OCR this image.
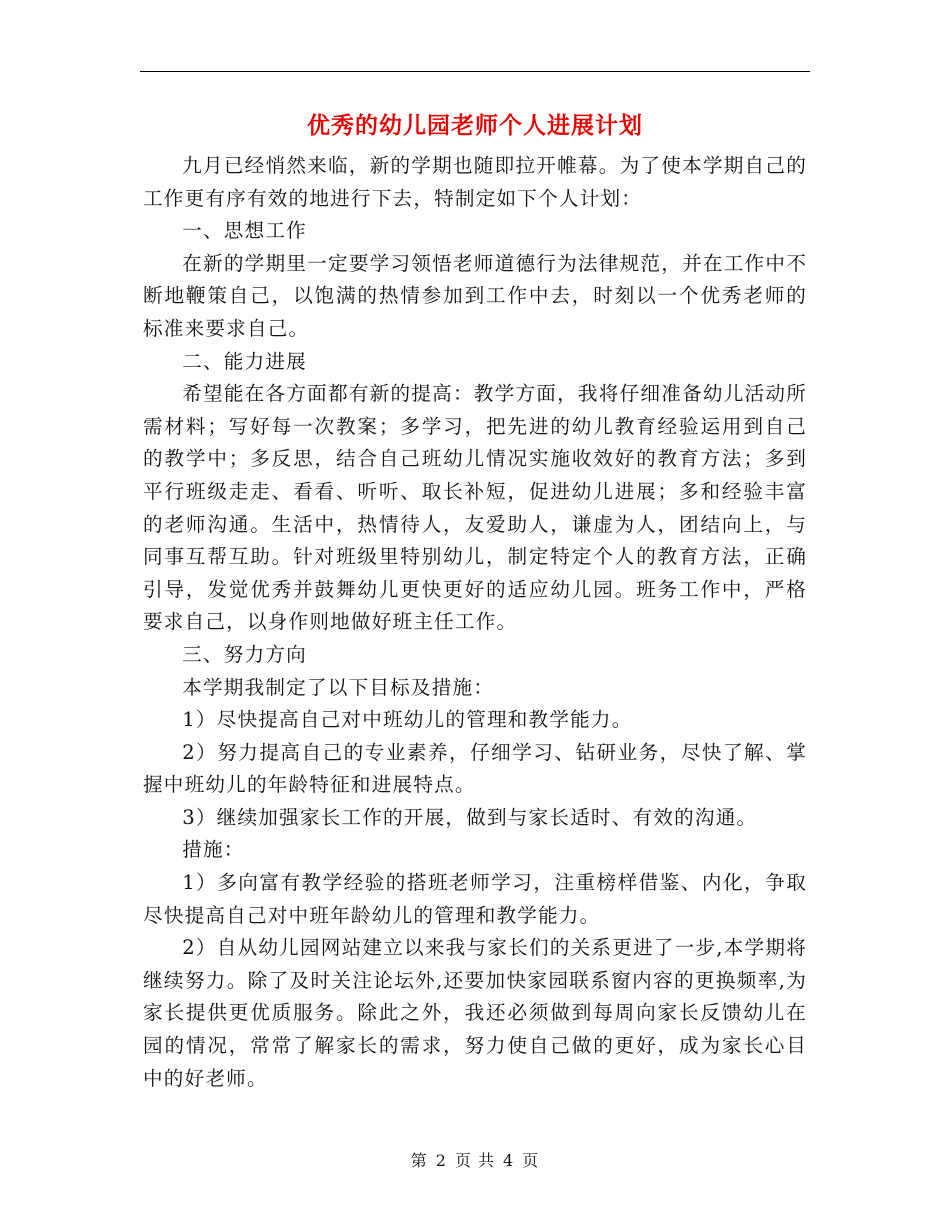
优秀的幼儿园老师个人进展计划

九月已经悄然来临，新的学期也随即拉开帷幕。为了使本学期自己的工作更有序有效的地进行下去，特制定如下个人计划：

一、思想工作

在新的学期里一定要学习领悟老师道德行为法律规范，并在工作中不断地鞭策自己，以饱满的热情参加到工作中去，时刻以一个优秀老师的标准来要求自己。

二、能力进展

希望能在各方面都有新的提高：教学方面，我将仔细准备幼儿活动所需材料；写好每一次教案；多学习，把先进的幼儿教育经验运用到自己的教学中；多反思，结合自己班幼儿情况实施收效好的教育方法；多到平行班级走走、看看、听听、取长补短，促进幼儿进展；多和经验丰富的老师沟通。生活中，热情待人，友爱助人，谦虚为人，团结向上，与同事互帮互助。针对班级里特别幼儿，制定特定个人的教育方法，正确引导，发觉优秀并鼓舞幼儿更快更好的适应幼儿园。班务工作中，严格要求自己，以身作则地做好班主任工作。

三、努力方向

本学期我制定了以下目标及措施：

1）尽快提高自己对中班幼儿的管理和教学能力。

2）努力提高自己的专业素养，仔细学习、钻研业务，尽快了解、掌握中班幼儿的年龄特征和进展特点。

3）继续加强家长工作的开展，做到与家长适时、有效的沟通。

措施：

1）多向富有教学经验的搭班老师学习，注重榜样借鉴、内化，争取尽快提高自己对中班年龄幼儿的管理和教学能力。

2）自从幼儿园网站建立以来我与家长们的关系更进了一步,本学期将继续努力。除了及时关注论坛外,还要加快家园联系窗内容的更换频率,为家长提供更优质服务。除此之外，我还必须做到每周向家长反馈幼儿在园的情况，常常了解家长的需求，努力使自己做的更好，成为家长心目中的好老师。

第 2 页 共 4 页
